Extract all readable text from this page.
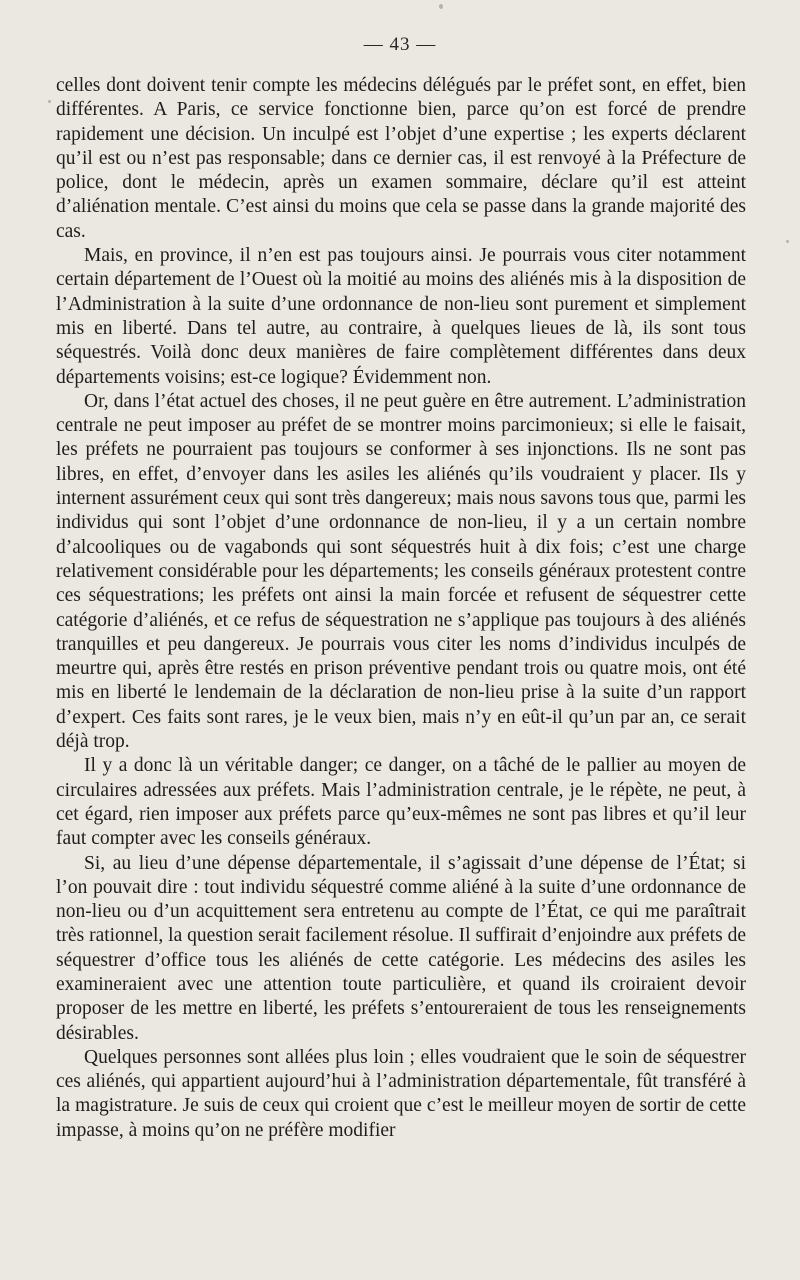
— 43 —

celles dont doivent tenir compte les médecins délégués par le préfet sont, en effet, bien différentes. A Paris, ce service fonctionne bien, parce qu’on est forcé de prendre rapidement une décision. Un inculpé est l’objet d’une expertise ; les experts déclarent qu’il est ou n’est pas responsable; dans ce dernier cas, il est renvoyé à la Préfecture de police, dont le médecin, après un examen sommaire, déclare qu’il est atteint d’aliénation mentale. C’est ainsi du moins que cela se passe dans la grande majorité des cas.

Mais, en province, il n’en est pas toujours ainsi. Je pourrais vous citer notamment certain département de l’Ouest où la moitié au moins des aliénés mis à la disposition de l’Administration à la suite d’une ordonnance de non-lieu sont purement et simplement mis en liberté. Dans tel autre, au contraire, à quelques lieues de là, ils sont tous séquestrés. Voilà donc deux manières de faire complètement différentes dans deux départements voisins; est-ce logique? Évidemment non.

Or, dans l’état actuel des choses, il ne peut guère en être autrement. L’administration centrale ne peut imposer au préfet de se montrer moins parcimonieux; si elle le faisait, les préfets ne pourraient pas toujours se conformer à ses injonctions. Ils ne sont pas libres, en effet, d’envoyer dans les asiles les aliénés qu’ils voudraient y placer. Ils y internent assurément ceux qui sont très dangereux; mais nous savons tous que, parmi les individus qui sont l’objet d’une ordonnance de non-lieu, il y a un certain nombre d’alcooliques ou de vagabonds qui sont séquestrés huit à dix fois; c’est une charge relativement considérable pour les départements; les conseils généraux protestent contre ces séquestrations; les préfets ont ainsi la main forcée et refusent de séquestrer cette catégorie d’aliénés, et ce refus de séquestration ne s’applique pas toujours à des aliénés tranquilles et peu dangereux. Je pourrais vous citer les noms d’individus inculpés de meurtre qui, après être restés en prison préventive pendant trois ou quatre mois, ont été mis en liberté le lendemain de la déclaration de non-lieu prise à la suite d’un rapport d’expert. Ces faits sont rares, je le veux bien, mais n’y en eût-il qu’un par an, ce serait déjà trop.

Il y a donc là un véritable danger; ce danger, on a tâché de le pallier au moyen de circulaires adressées aux préfets. Mais l’administration centrale, je le répète, ne peut, à cet égard, rien imposer aux préfets parce qu’eux-mêmes ne sont pas libres et qu’il leur faut compter avec les conseils généraux.

Si, au lieu d’une dépense départementale, il s’agissait d’une dépense de l’État; si l’on pouvait dire : tout individu séquestré comme aliéné à la suite d’une ordonnance de non-lieu ou d’un acquittement sera entretenu au compte de l’État, ce qui me paraîtrait très rationnel, la question serait facilement résolue. Il suffirait d’enjoindre aux préfets de séquestrer d’office tous les aliénés de cette catégorie. Les médecins des asiles les examineraient avec une attention toute particulière, et quand ils croiraient devoir proposer de les mettre en liberté, les préfets s’entoureraient de tous les renseignements désirables.

Quelques personnes sont allées plus loin ; elles voudraient que le soin de séquestrer ces aliénés, qui appartient aujourd’hui à l’administration départementale, fût transféré à la magistrature. Je suis de ceux qui croient que c’est le meilleur moyen de sortir de cette impasse, à moins qu’on ne préfère modifier
